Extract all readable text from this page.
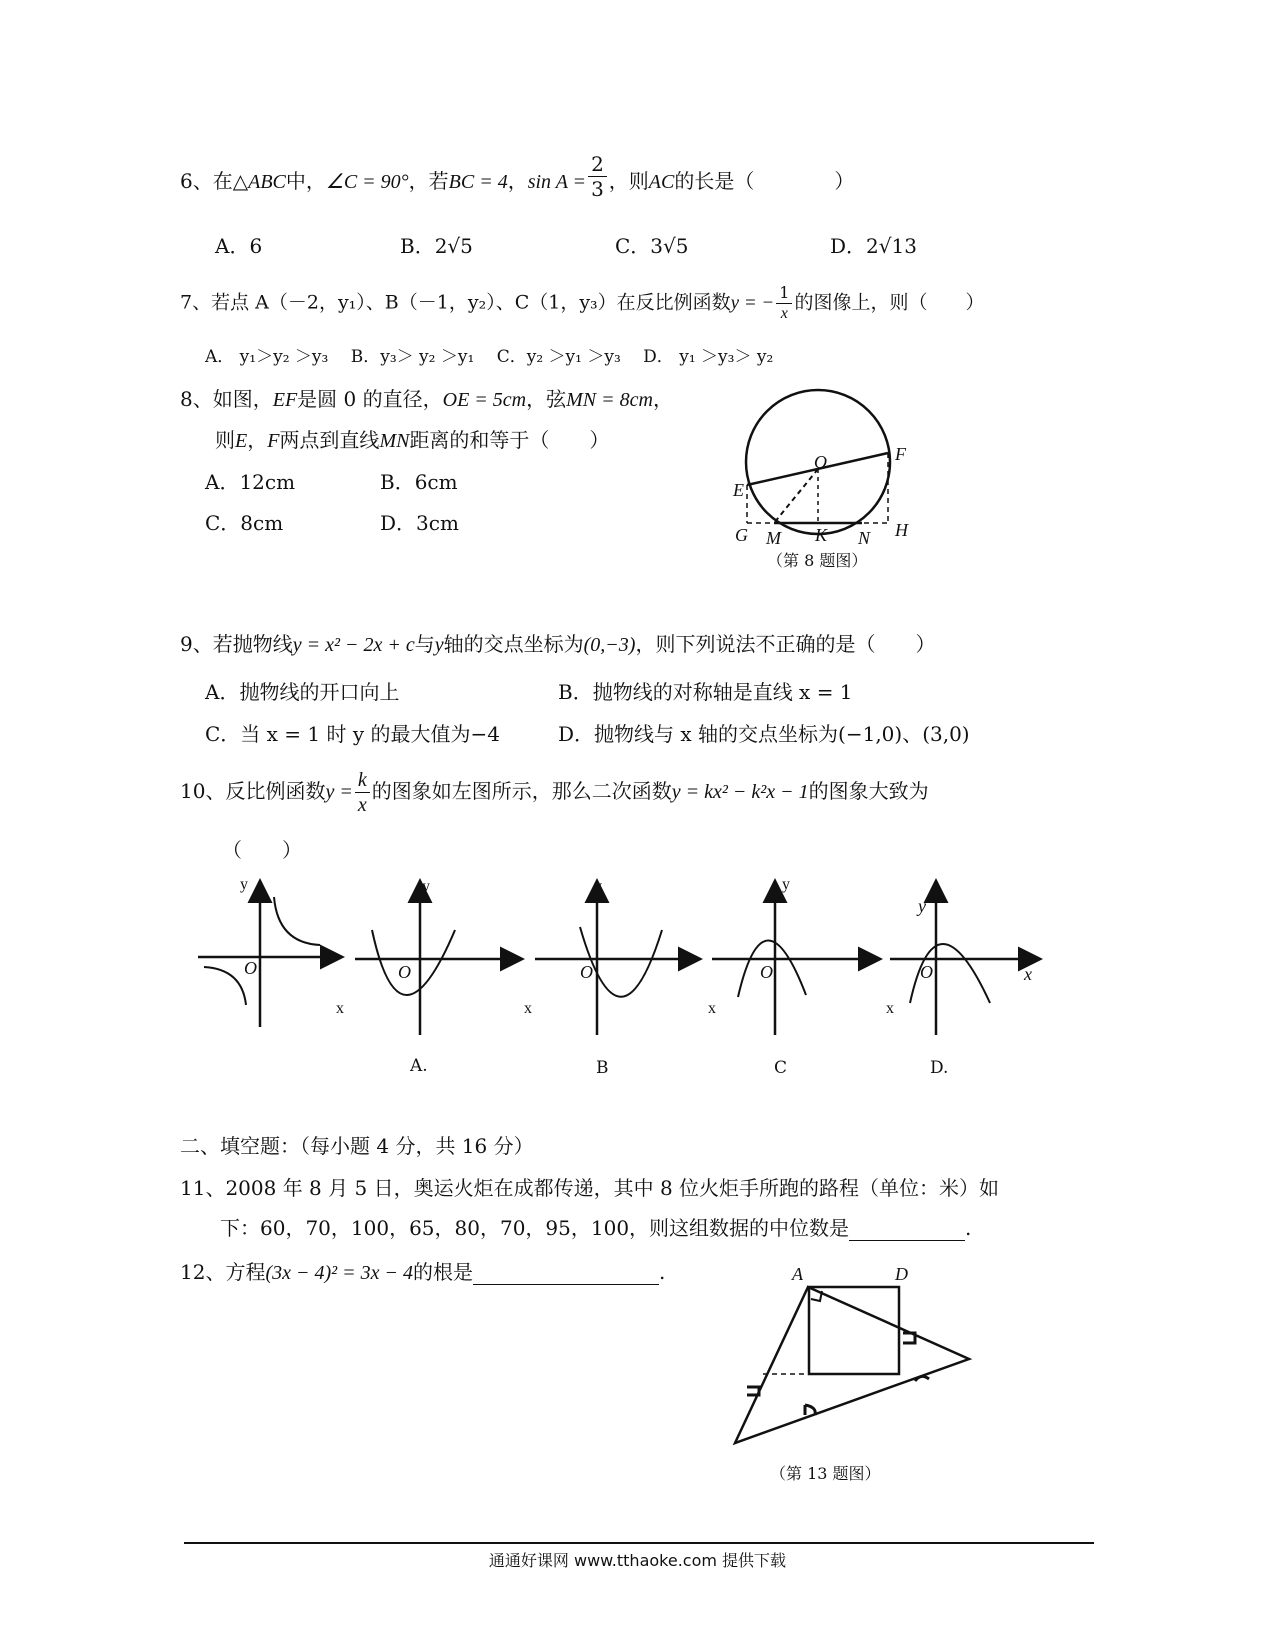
6、在△ABC中，∠C = 90°，若BC = 4，$\sin A = \frac{2}{3}$ ，则AC的长是（　　　　）
A．6	B．2√5	C．3√5	D．2√13
7、若点 A（－2，y₁）、B（－1，y₂）、C（1，y₃）在反比例函数y = − $\frac{1}{x}$ 的图像上，则（　　）
A． y₁＞y₂ ＞y₃　 B．y₃＞ y₂ ＞y₁　 C．y₂ ＞y₁ ＞y₃　 D． y₁ ＞y₃＞ y₂
8、如图，EF是圆 0 的直径，OE = 5cm，弦MN = 8cm，
则E，F两点到直线MN距离的和等于（　　）
A．12cm	B．6cm
C．8cm	D．3cm
O	F
E
G M K N H
（第 8 题图）
9、若抛物线y = x² − 2x + c与y轴的交点坐标为(0,−3)，则下列说法不正确的是（　　）
A．抛物线的开口向上	B．抛物线的对称轴是直线 x = 1
C．当 x = 1 时 y 的最大值为−4	D．抛物线与 x 轴的交点坐标为(−1,0)、(3,0)
10、反比例函数$y = \frac{k}{x}$ 的图象如左图所示，那么二次函数y = kx² − k²x − 1的图象大致为
（　　）
y
O
x
y
O
x
y
O
x
y
O
x
y
O	x
A.	B	C	D.
二、填空题：（每小题 4 分，共 16 分）
11、2008 年 8 月 5 日，奥运火炬在成都传递，其中 8 位火炬手所跑的路程（单位：米）如
下：60，70，100，65，80，70，95，100，则这组数据的中位数是	.
12、方程(3x − 4)² = 3x − 4的根是	.	A	D
（第 13 题图）
通通好课网 www.tthaoke.com 提供下载
